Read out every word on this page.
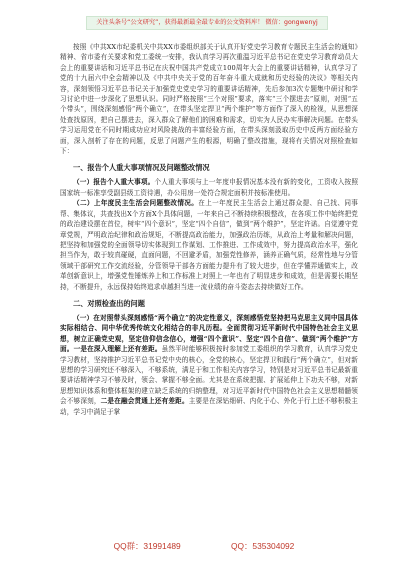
关注头条号“公文研究”，获得最新最全最专业的公文资料库！ 微信：gongwenyj

按照《中共XX市纪委机关中共XX市委组织部关于认真开好党史学习教育专题民主生活会的通知》精神、省市委有关要求和党工委统一安排，我认真学习再次重温习近平总书记在党史学习教育动员大会上的重要讲话和习近平总书记在庆祝中国共产党成立100周年大会上的重要讲话精神，认真学习了党的十九届六中全会精神以及《中共中央关于党的百年奋斗重大成就和历史经验的决议》等相关内容，深刻领悟习近平总书记关于加强党史党史学习的重要讲话精神，先后参加3次专题集中研讨和学习讨论中进一步深化了思想认识。同时严格按照“三个对照”要求，落实“三个摆进去”原则，对照“五个带头”，围绕深刻感悟“两个确立”，在带头坚定捍卫“两个维护”等方面作了深入的检视，从思想深处查找原因，把自己摆进去，深入群众了解他们的困难和需求，切实为人民办实事解决问题。在带头学习运用党在不同时期成功应对风险挑战的丰富经验方面，在带头深刻汲取历史中反两方面经验方面，深入剖析了存在的问题，反思了问题产生的根源，明确了整改措施，现将有关情况对照检查如下：

一、报告个人重大事项情况及问题整改情况

（一）报告个人重大事项。个人重大事项与上一年度申报情况基本没有新的变化，工资收入按照国家统一标准享受副县级工资待遇，办公用房一处符合规定面积并按标准使用。

（二）上年度民主生活会问题整改情况。在上一年度民主生活会上通过群众提、自己找、同事帮、集体议，共查找出X个方面X个具体问题，一年来自己不断持续积极整改，在各项工作中始终把党的政治建设摆在首位，树牢“四个意识”，坚定“四个自信”，做到“两个维护”，坚定许诺。自觉遵守党章党规，严明政治纪律和政治规矩，不断提高政治能力，加强政治历练，从政治上考量和解决问题，把坚持和加强党的全面领导切实体现到工作谋划、工作推进、工作成效中，努力提高政治水平，强化担当作为，敢于较真碰硬，直面问题，不回避矛盾，加强党性修养，涵养正确气质，经常性地与分管领域干部研究工作交流经验，分管领导干部各方面能力提升有了较大进步，但在学懂弄通做实上，改革创新意识上，增强党性锤炼养上和工作标准上对照上一年也有了明显进步和成效，但是需要长期坚持，不断提升，永远保持始终追求卓越担当进一流业绩的奋斗姿态去持续做好工作。

二、对照检查出的问题

（一）在对照带头深刻感悟“两个确立”的决定性意义，深刻感悟党坚持把马克思主义同中国具体实际相结合、同中华优秀传统文化相结合的非凡历程。全面贯彻习近平新时代中国特色社会主义思想，树立正确党史观，坚定信仰信念信心，增强“四个意识”、坚定“四个自信”、做到“两个维护”方面。一是在深入理解上还有差距。虽然平时能够积极按时参加党工委组织的学习教育，认真学习党史学习教材，坚持推护习近平总书记党中央的核心，全党的核心，坚定捍卫和践行“两个确立”，但对新思想的学习研究还不够深入，不够系统，满足于和工作相关内容学习，特别是对习近平总书记最新重要讲话精神学习不够及时，领会、掌握不够全面。尤其是在系统把握、扩展延伸上下功夫不够，对新思想知识体系和整体框架的建立缺乏系统的归纳整理，对习近平新时代中国特色社会主义思想精髓领会不够深刻，二是在融会贯通上还有差距。主要是在深钻细研、内化于心、外化于行上还不够积极主动，学习中满足于掌

QQ群：31991489	QQ：535304092
